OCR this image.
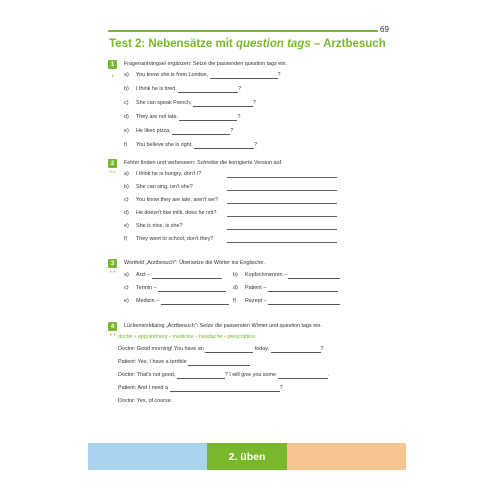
69
Test 2: Nebensätze mit question tags – Arztbesuch
1	Fragenanhängsel ergänzen: Setze die passenden question tags ein.
•	a) You know she is from London,	?
b) I think he is tired,	?
c) She can speak French,	?
d) They are not late,	?
e) He likes pizza,	?
f) You believe she is right,	?
2	Fehler finden und verbessern: Schreibe die korrigierte Version auf.
• • a) I think he is hungry, don't I?
b) She can sing, isn't she?
c) You know they are late, aren't we?
d) He doesn't like milk, does he not?
e) She is nice, is she?
f) They went to school, don't they?
3	Wortfeld „Arztbesuch": Übersetze die Wörter ins Englische.
• • a) Arzt –	b) Kopfschmerzen –
c) Termin –	d) Patient –
e) Medizin –	f) Rezept –
4	Lückentextdialog „Arztbesuch": Setze die passenden Wörter und question tags ein.
• • doctor • appointment • medicine • headache • prescription
Doctor: Good morning! You have an	today,	?
Patient: Yes, I have a terrible	.
Doctor: That's not good,	? I will give you some	.
Patient: And I need a	?
Doctor: Yes, of course.
2. üben
